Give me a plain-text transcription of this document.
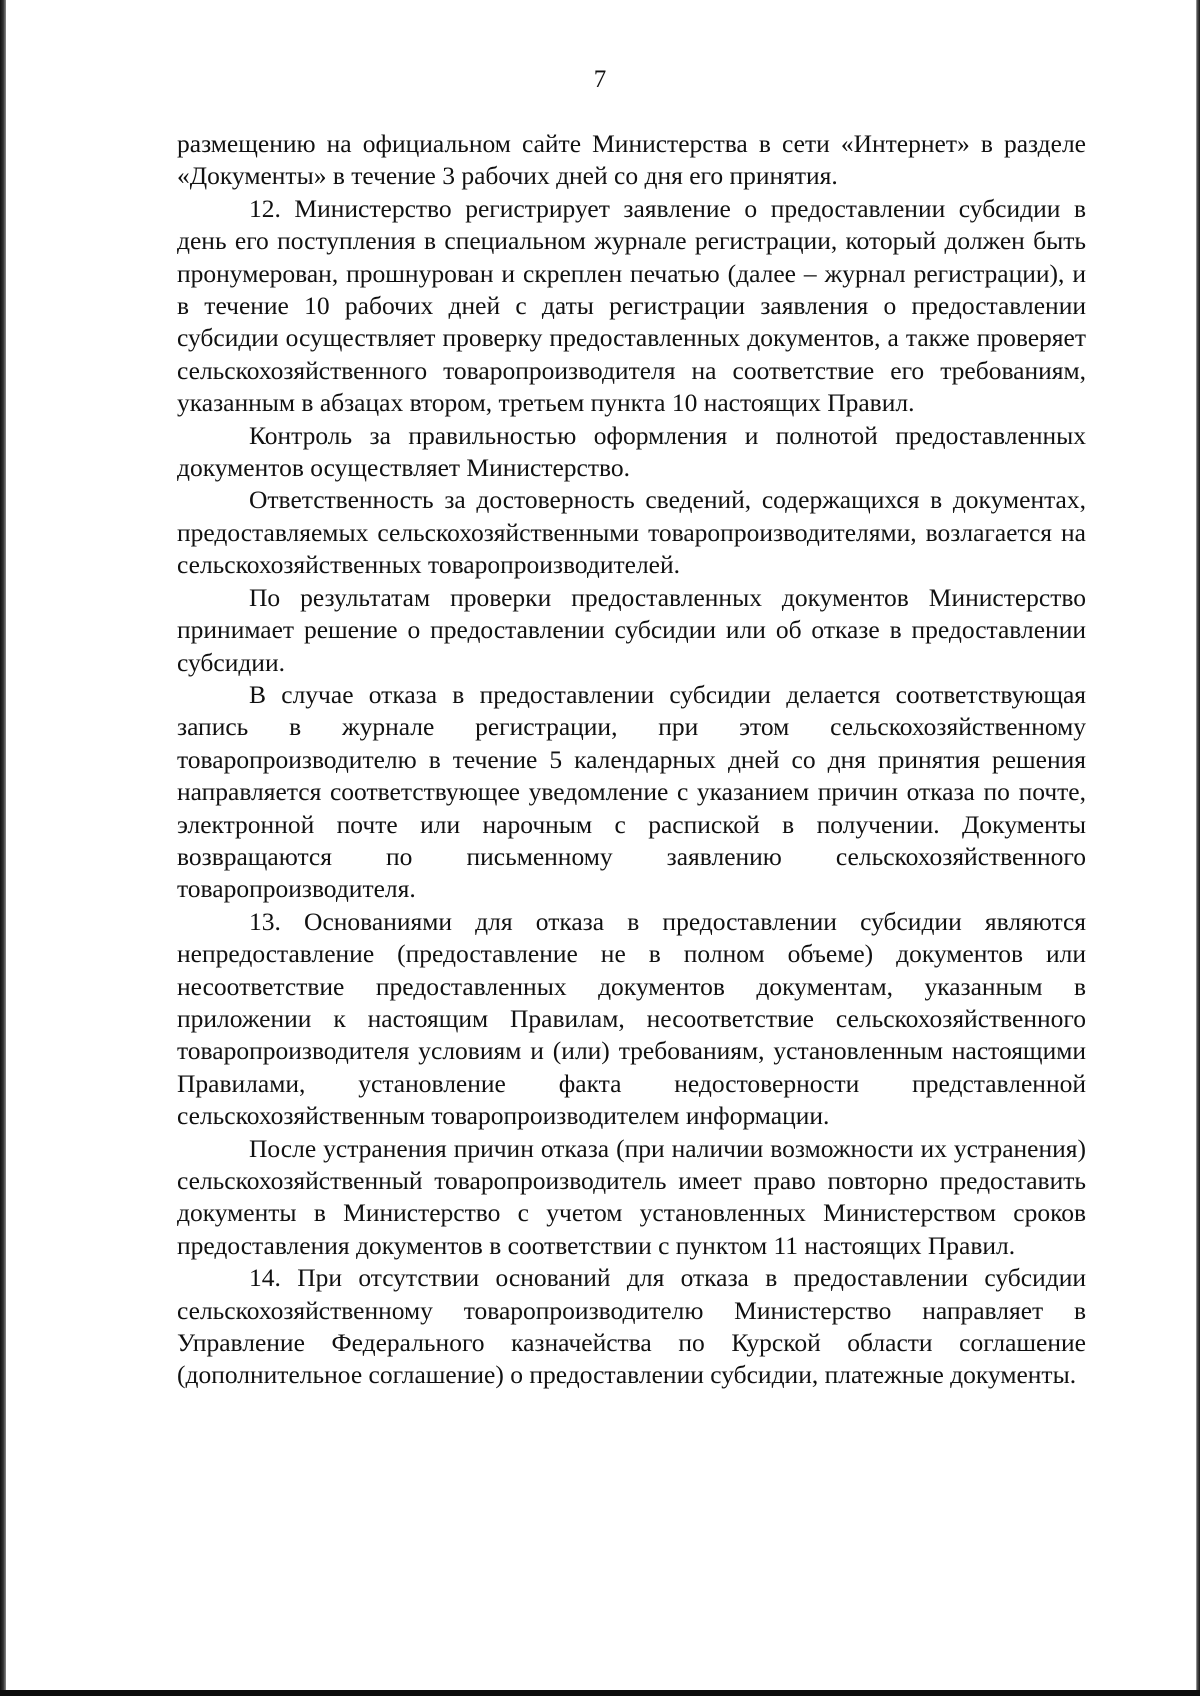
7

размещению на официальном сайте Министерства в сети «Интернет» в разделе «Документы» в течение 3 рабочих дней со дня его принятия.

12. Министерство регистрирует заявление о предоставлении субсидии в день его поступления в специальном журнале регистрации, который должен быть пронумерован, прошнурован и скреплен печатью (далее – журнал регистрации), и в течение 10 рабочих дней с даты регистрации заявления о предоставлении субсидии осуществляет проверку предоставленных документов, а также проверяет сельскохозяйственного товаропроизводителя на соответствие его требованиям, указанным в абзацах втором, третьем пункта 10 настоящих Правил.

Контроль за правильностью оформления и полнотой предоставленных документов осуществляет Министерство.

Ответственность за достоверность сведений, содержащихся в документах, предоставляемых сельскохозяйственными товаропроизводителями, возлагается на сельскохозяйственных товаропроизводителей.

По результатам проверки предоставленных документов Министерство принимает решение о предоставлении субсидии или об отказе в предоставлении субсидии.

В случае отказа в предоставлении субсидии делается соответствующая запись в журнале регистрации, при этом сельскохозяйственному товаропроизводителю в течение 5 календарных дней со дня принятия решения направляется соответствующее уведомление с указанием причин отказа по почте, электронной почте или нарочным с распиской в получении. Документы возвращаются по письменному заявлению сельскохозяйственного товаропроизводителя.

13. Основаниями для отказа в предоставлении субсидии являются непредоставление (предоставление не в полном объеме) документов или несоответствие предоставленных документов документам, указанным в приложении к настоящим Правилам, несоответствие сельскохозяйственного товаропроизводителя условиям и (или) требованиям, установленным настоящими Правилами, установление факта недостоверности представленной сельскохозяйственным товаропроизводителем информации.

После устранения причин отказа (при наличии возможности их устранения) сельскохозяйственный товаропроизводитель имеет право повторно предоставить документы в Министерство с учетом установленных Министерством сроков предоставления документов в соответствии с пунктом 11 настоящих Правил.

14. При отсутствии оснований для отказа в предоставлении субсидии сельскохозяйственному товаропроизводителю Министерство направляет в Управление Федерального казначейства по Курской области соглашение (дополнительное соглашение) о предоставлении субсидии, платежные документы.
